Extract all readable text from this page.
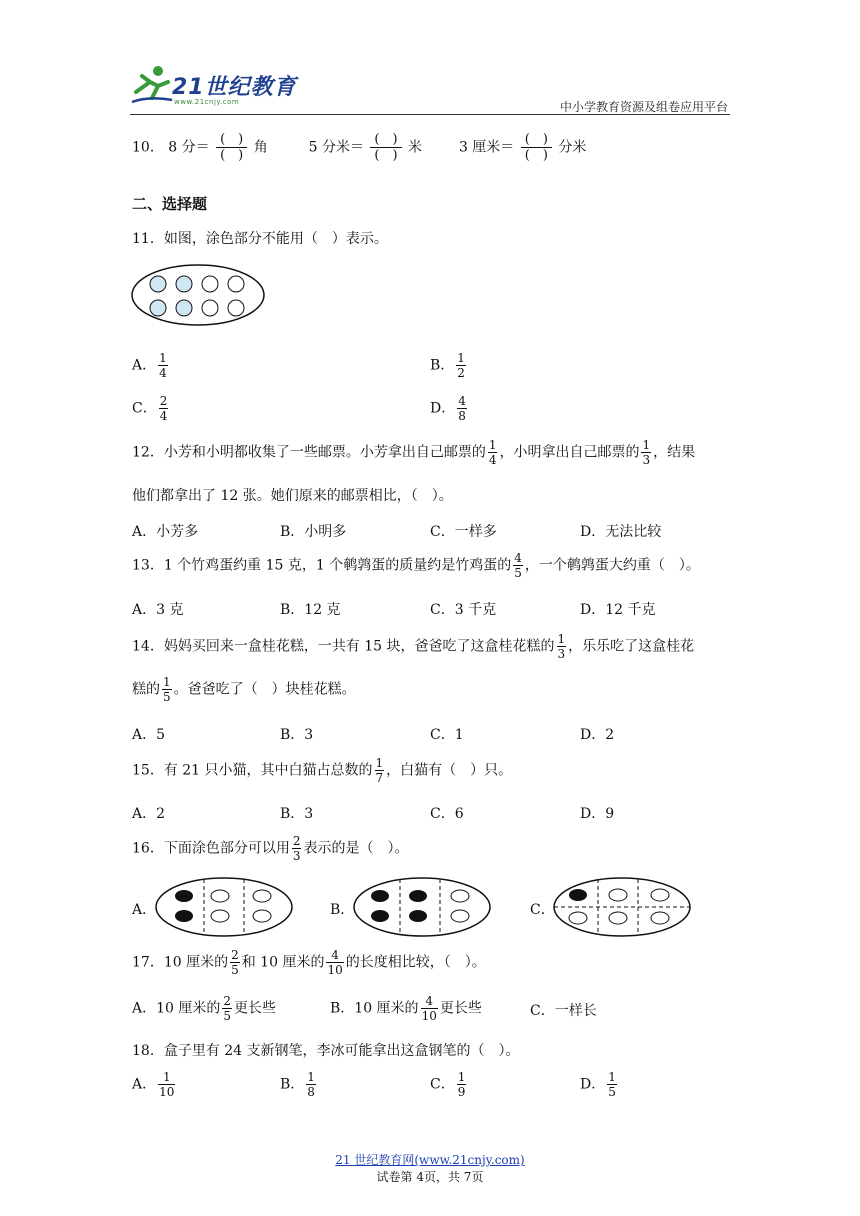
21世纪教育
www.21cnjy.com	中小学教育资源及组卷应用平台
10． 8 分＝ $\frac{( )}{( )}$ 角	5 分米＝ $\frac{( )}{( )}$ 米	3 厘米＝ $\frac{( )}{( )}$ 分米
二、选择题
11．如图，涂色部分不能用（　）表示。
A． $\frac{1}{4}$	B． $\frac{1}{2}$
C． $\frac{2}{4}$	D． $\frac{4}{8}$
12．小芳和小明都收集了一些邮票。小芳拿出自己邮票的 $\frac{1}{4}$ ，小明拿出自己邮票的 $\frac{1}{3}$ ，结果
他们都拿出了 12 张。她们原来的邮票相比，（　）。
A．小芳多	B．小明多	C．一样多	D．无法比较
13．1 个竹鸡蛋约重 15 克，1 个鹌鹑蛋的质量约是竹鸡蛋的 $\frac{4}{5}$ ，一个鹌鹑蛋大约重（　）。
A．3 克	B．12 克	C．3 千克	D．12 千克
14．妈妈买回来一盒桂花糕，一共有 15 块，爸爸吃了这盒桂花糕的 $\frac{1}{3}$ ，乐乐吃了这盒桂花
糕的 $\frac{1}{5}$ 。爸爸吃了（　）块桂花糕。
A．5	B．3	C．1	D．2
15．有 21 只小猫，其中白猫占总数的 $\frac{1}{7}$ ，白猫有（　）只。
A．2	B．3	C．6	D．9
16．下面涂色部分可以用 $\frac{2}{3}$ 表示的是（　）。
A．	B．	C．
17．10 厘米的 $\frac{2}{5}$ 和 10 厘米的 $\frac{4}{10}$ 的长度相比较，（　）。
A．10 厘米的 $\frac{2}{5}$ 更长些	B．10 厘米的 $\frac{4}{10}$ 更长些	C．一样长
18．盒子里有 24 支新钢笔，李冰可能拿出这盒钢笔的（　）。
A． $\frac{1}{10}$	B． $\frac{1}{8}$	C． $\frac{1}{9}$	D． $\frac{1}{5}$
21 世纪教育网(www.21cnjy.com)
试卷第 4页，共 7页
